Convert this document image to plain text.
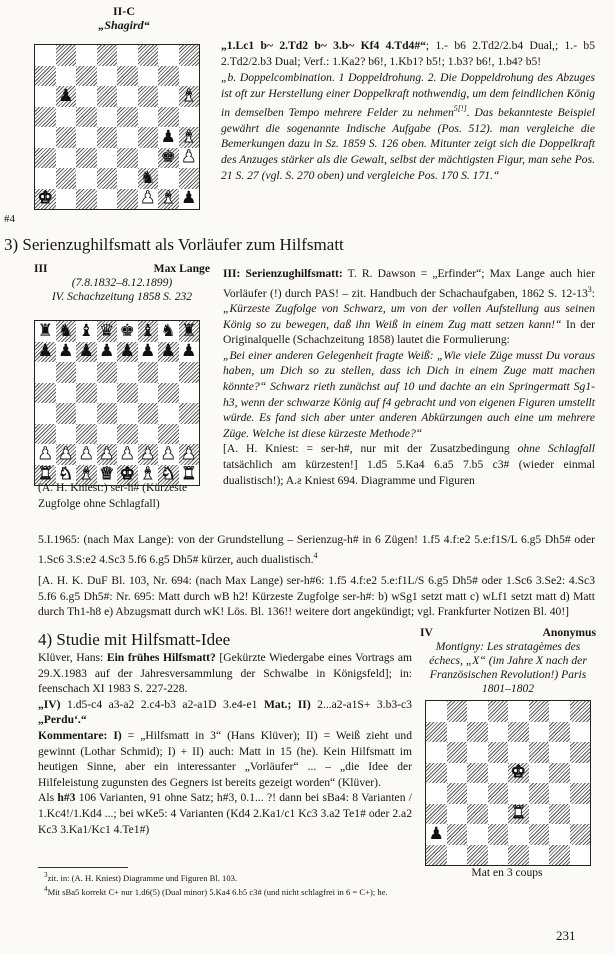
II-C
„Shagird“
♟	♝
♟ ♝
♚ ♟
♞
♚	♟ ♝ ♟
#4

„1.Lc1 b~ 2.Td2 b~ 3.b~ Kf4 4.Td4#“; 1.- b6 2.Td2/2.b4 Dual,; 1.- b5 2.Td2/2.b3 Dual; Verf.: 1.Ka2? b6!, 1.Kb1? b5!; 1.b3? b6!, 1.b4? b5!

„b. Doppelcombination. 1 Doppeldrohung. 2. Die Doppeldrohung des Abzuges ist oft zur Herstellung einer Doppelkraft nothwendig, um dem feindlichen König in demselben Tempo mehrere Felder zu nehmen$^{5[!]}$. Das bekannteste Beispiel gewährt die sogenannte Indische Aufgabe (Pos. 512). man vergleiche die Bemerkungen dazu in Sz. 1859 S. 126 oben. Mitunter zeigt sich die Doppelkraft des Anzuges stärker als die Gewalt, selbst der mächtigsten Figur, man sehe Pos. 21 S. 27 (vgl. S. 270 oben) und vergleiche Pos. 170 S. 171.“

3) Serienzughilfsmatt als Vorläufer zum Hilfsmatt
III	Max Lange
(7.8.1832–8.12.1899)
IV. Schachzeitung 1858 S. 232
♜ ♞ ♝ ♛ ♚ ♝ ♞ ♜
♟ ♟ ♟ ♟ ♟ ♟ ♟ ♟
♟ ♟ ♟ ♟ ♟ ♟ ♟ ♟
♜ ♞ ♝ ♛ ♚ ♝ ♞ ♜
(A. H. Kniest:) ser-h# (Kürzeste Zugfolge ohne Schlagfall)

III: Serienzughilfsmatt: T. R. Dawson = „Erfinder“; Max Lange auch hier Vorläufer (!) durch PAS! – zit. Handbuch der Schachaufgaben, 1862 S. $12-13^3$: „Kürzeste Zugfolge von Schwarz, um von der vollen Aufstellung aus seinen König so zu bewegen, daß ihn Weiß in einem Zug matt setzen kann!“ In der Originalquelle (Schachzeitung 1858) lautet die Formulierung:

„Bei einer anderen Gelegenheit fragte Weiß: „Wie viele Züge musst Du voraus haben, um Dich so zu stellen, dass ich Dich in einem Zuge matt machen könnte?“ Schwarz rieth zunächst auf 10 und dachte an ein Springermatt Sg1-h3, wenn der schwarze König auf f4 gebracht und von eigenen Figuren umstellt würde. Es fand sich aber unter anderen Abkürzungen auch eine um mehrere Züge. Welche ist diese kürzeste Methode?“

[A. H. Kniest: = ser-h#, nur mit der Zusatzbedingung ohne Schlagfall tatsächlich am kürzesten!] 1.d5 5.Ka4 6.a5 7.b5 c3# (wieder einmal dualistisch!); A.ƨ Kniest 694. Diagramme und Figuren

5.I.1965: (nach Max Lange): von der Grundstellung – Serienzug-h# in 6 Zügen! 1.f5 4.f:e2 5.e:f1S/L 6.g5 Dh5# oder 1.Sc6 3.S:e2 4.Sc3 5.f6 6.g5 Dh5# kürzer, auch dualistisch.$^4$

[A. H. K. DuF Bl. 103, Nr. 694: (nach Max Lange) ser-h#6: 1.f5 4.f:e2 5.e:f1L/S 6.g5 Dh5# oder 1.Sc6 3.Se2: 4.Sc3 5.f6 6.g5 Dh5#: Nr. 695: Matt durch wB h2! Kürzeste Zugfolge ser-h#: b) wSg1 setzt matt c) wLf1 setzt matt d) Matt durch Th1-h8 e) Abzugsmatt durch wK! Lös. Bl. 136!! weitere dort angekündigt; vgl. Frankfurter Notizen Bl. 40!]

4) Studie mit Hilfsmatt-Idee

Klüver, Hans: Ein frühes Hilfsmatt? [Gekürzte Wiedergabe eines Vortrags am 29.X.1983 auf der Jahresversammlung der Schwalbe in Königsfeld]; in: feenschach XI 1983 S. 227-228.

„IV) 1.d5-c4 a3-a2 2.c4-b3 a2-a1D 3.e4-e1 Mat.; II) 2...a2-a1S+ 3.b3-c3 „Perdu‘.“

Kommentare: I) = „Hilfsmatt in 3“ (Hans Klüver); II) = Weiß zieht und gewinnt (Lothar Schmid); I) + II) auch: Matt in 15 (he). Kein Hilfsmatt im heutigen Sinne, aber ein interessanter „Vorläufer“ ... – „die Idee der Hilfeleistung zugunsten des Gegners ist bereits gezeigt worden“ (Klüver).

Als h#3 106 Varianten, 91 ohne Satz; h#3, 0.1... ?! dann bei sBa4: 8 Varianten / 1.Kc4!/1.Kd4 ...; bei wKe5: 4 Varianten (Kd4 2.Ka1/c1 Kc3 3.a2 Te1# oder 2.a2 Kc3 3.Ka1/Kc1 4.Te1#)

IV	Anonymus
Montigny: Les stratagèmes des échecs, „X“ (im Jahre X nach der Französischen Revolution!) Paris 1801–1802
♚
♜
♟
Mat en 3 coups
$^3$zit. in: (A. H. Kniest) Diagramme und Figuren Bl. 103.
$^4$Mit sBa5 korrekt C+ nur 1.d6(5) (Dual minor) 5.Ka4 6.b5 c3# (und nicht schlagfrei in 6 = C+); he.
231
